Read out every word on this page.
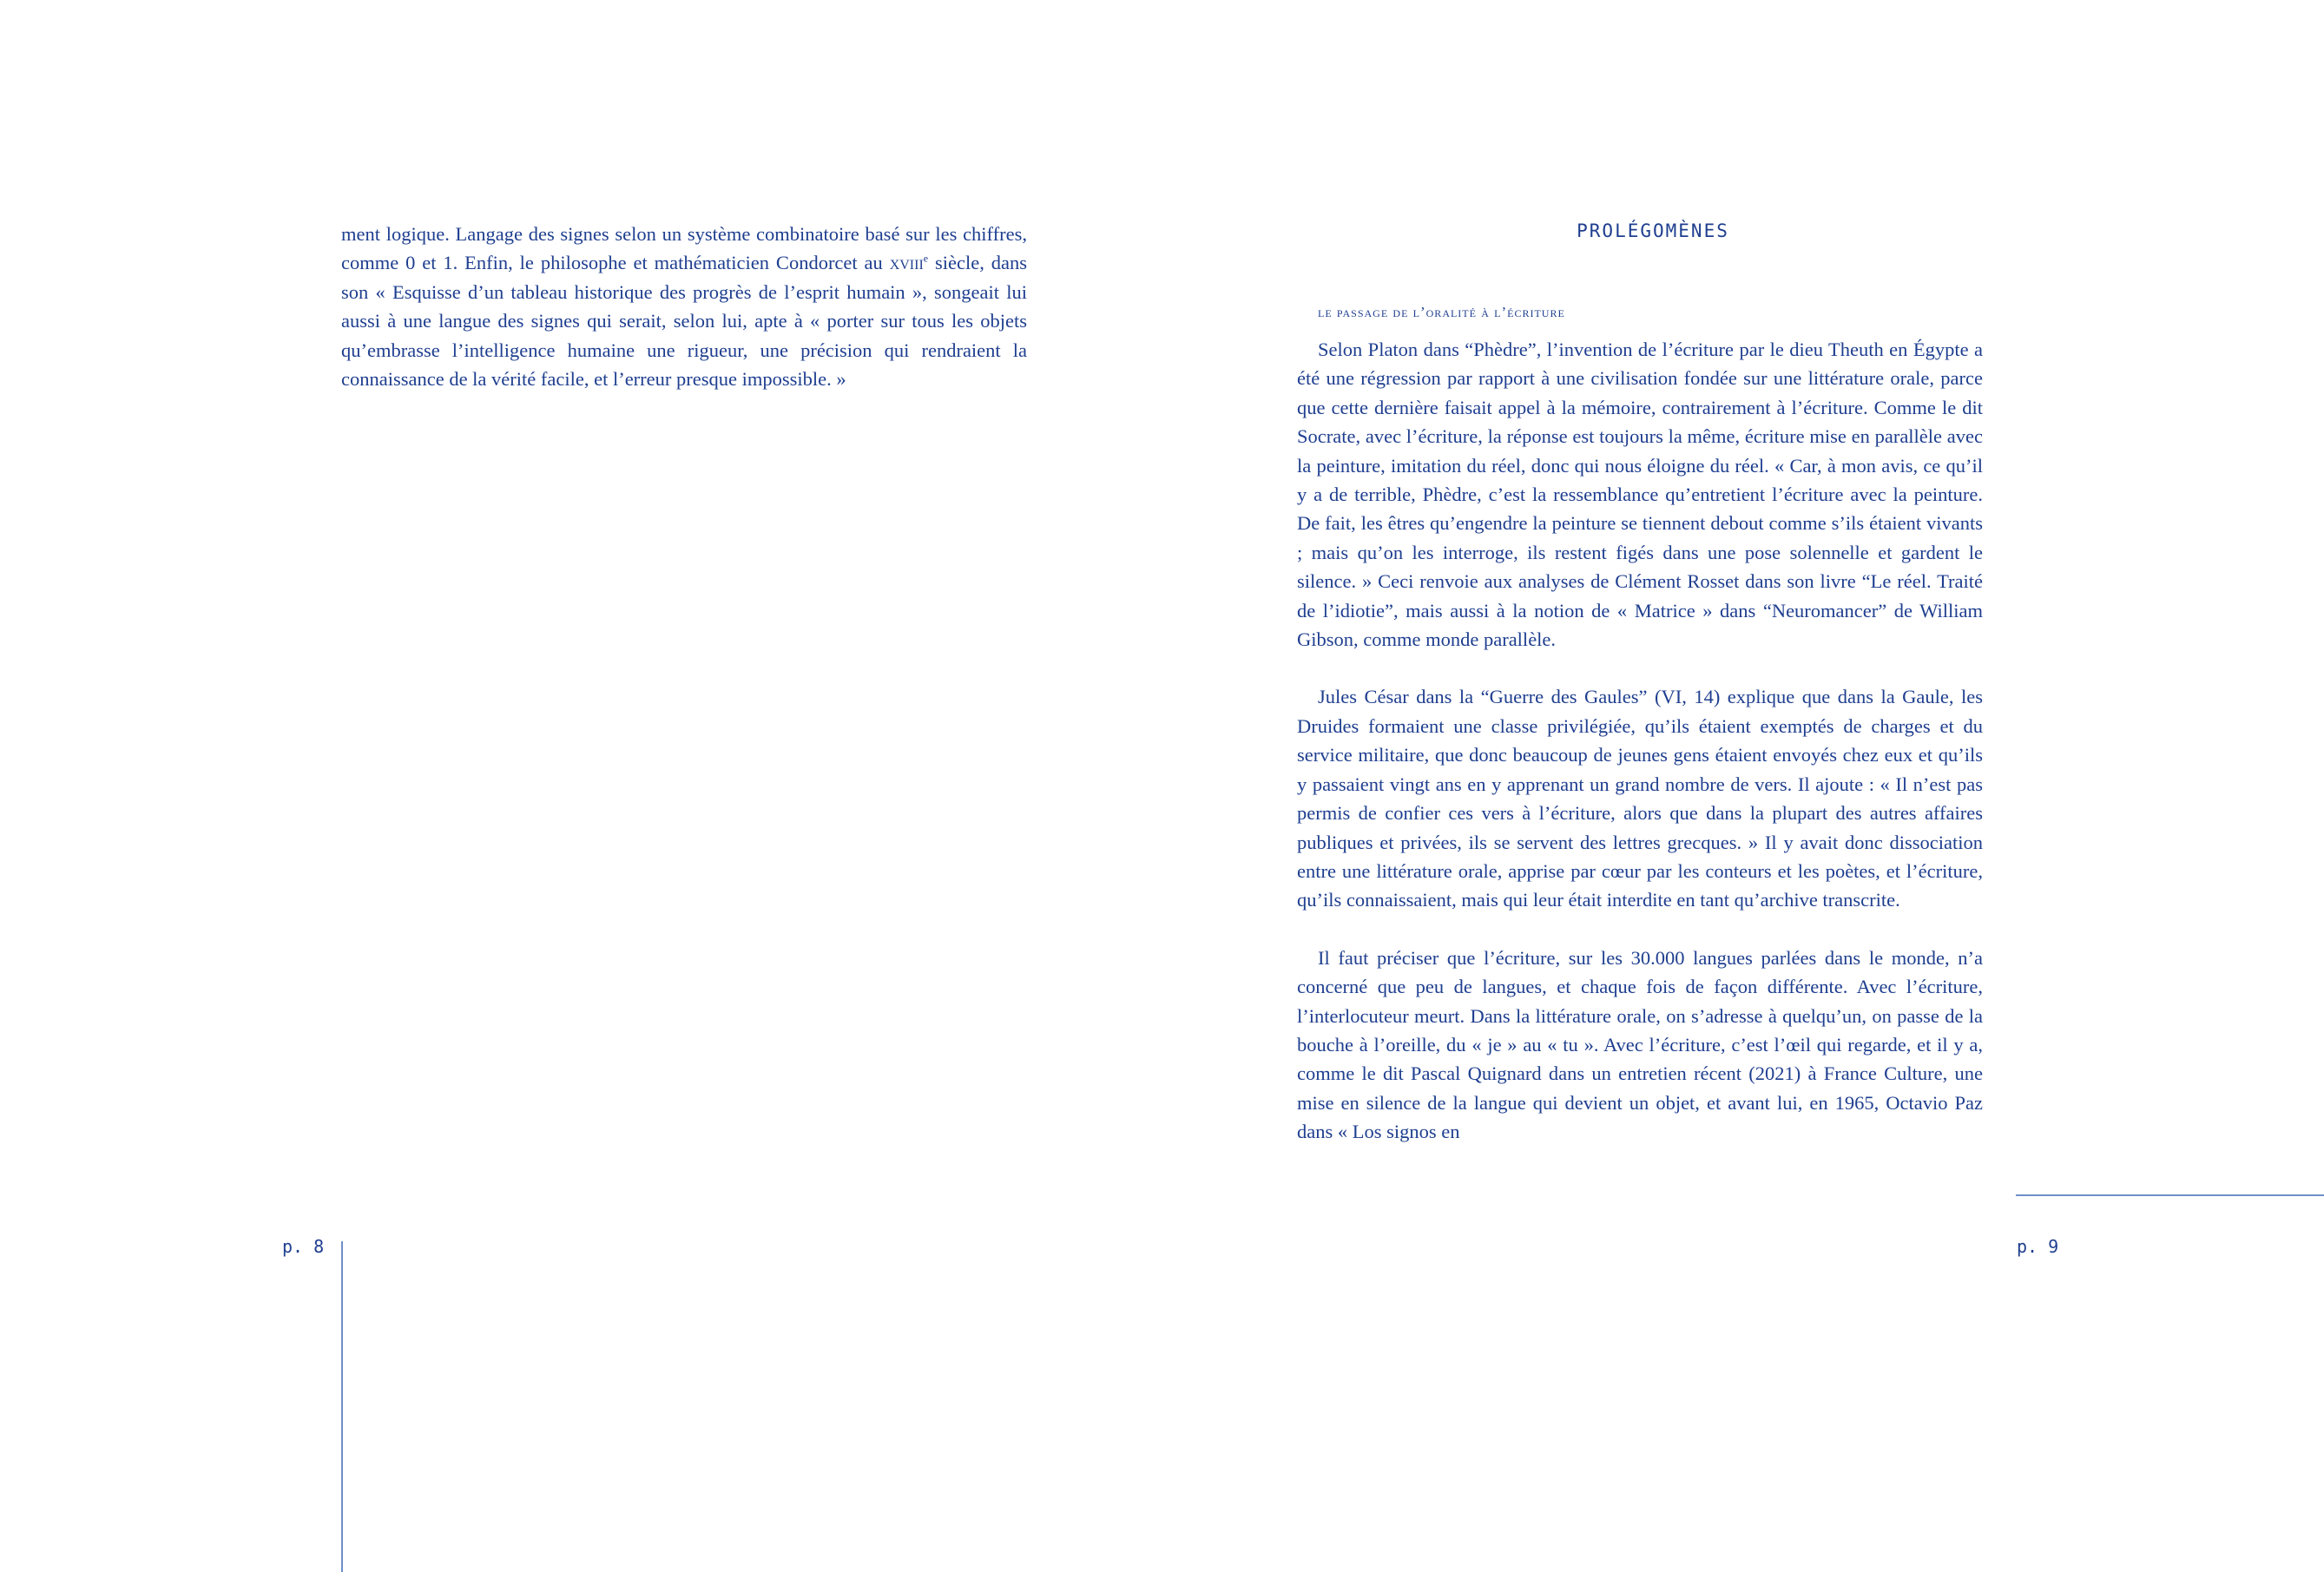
ment logique. Langage des signes selon un système combinatoire basé sur les chiffres, comme 0 et 1. Enfin, le philosophe et mathématicien Condorcet au xviii$^e$ siècle, dans son « Esquisse d’un tableau historique des progrès de l’esprit humain », songeait lui aussi à une langue des signes qui serait, selon lui, apte à « porter sur tous les objets qu’embrasse l’intelligence humaine une rigueur, une précision qui rendraient la connaissance de la vérité facile, et l’erreur presque impossible. »

PROLÉGOMÈNES
le passage de l’oralité à l’écriture

Selon Platon dans “Phèdre”, l’invention de l’écriture par le dieu Theuth en Égypte a été une régression par rapport à une civilisation fondée sur une littérature orale, parce que cette dernière faisait appel à la mémoire, contrairement à l’écriture. Comme le dit Socrate, avec l’écriture, la réponse est toujours la même, écriture mise en parallèle avec la peinture, imitation du réel, donc qui nous éloigne du réel. « Car, à mon avis, ce qu’il y a de terrible, Phèdre, c’est la ressemblance qu’entretient l’écriture avec la peinture. De fait, les êtres qu’engendre la peinture se tiennent debout comme s’ils étaient vivants ; mais qu’on les interroge, ils restent figés dans une pose solennelle et gardent le silence. » Ceci renvoie aux analyses de Clément Rosset dans son livre “Le réel. Traité de l’idiotie”, mais aussi à la notion de « Matrice » dans “Neuromancer” de William Gibson, comme monde parallèle.

Jules César dans la “Guerre des Gaules” (VI, 14) explique que dans la Gaule, les Druides formaient une classe privilégiée, qu’ils étaient exemptés de charges et du service militaire, que donc beaucoup de jeunes gens étaient envoyés chez eux et qu’ils y passaient vingt ans en y apprenant un grand nombre de vers. Il ajoute : « Il n’est pas permis de confier ces vers à l’écriture, alors que dans la plupart des autres affaires publiques et privées, ils se servent des lettres grecques. » Il y avait donc dissociation entre une littérature orale, apprise par cœur par les conteurs et les poètes, et l’écriture, qu’ils connaissaient, mais qui leur était interdite en tant qu’archive transcrite.

Il faut préciser que l’écriture, sur les 30.000 langues parlées dans le monde, n’a concerné que peu de langues, et chaque fois de façon différente. Avec l’écriture, l’interlocuteur meurt. Dans la littérature orale, on s’adresse à quelqu’un, on passe de la bouche à l’oreille, du « je » au « tu ». Avec l’écriture, c’est l’œil qui regarde, et il y a, comme le dit Pascal Quignard dans un entretien récent (2021) à France Culture, une mise en silence de la langue qui devient un objet, et avant lui, en 1965, Octavio Paz dans « Los signos en

p. 8	p. 9
